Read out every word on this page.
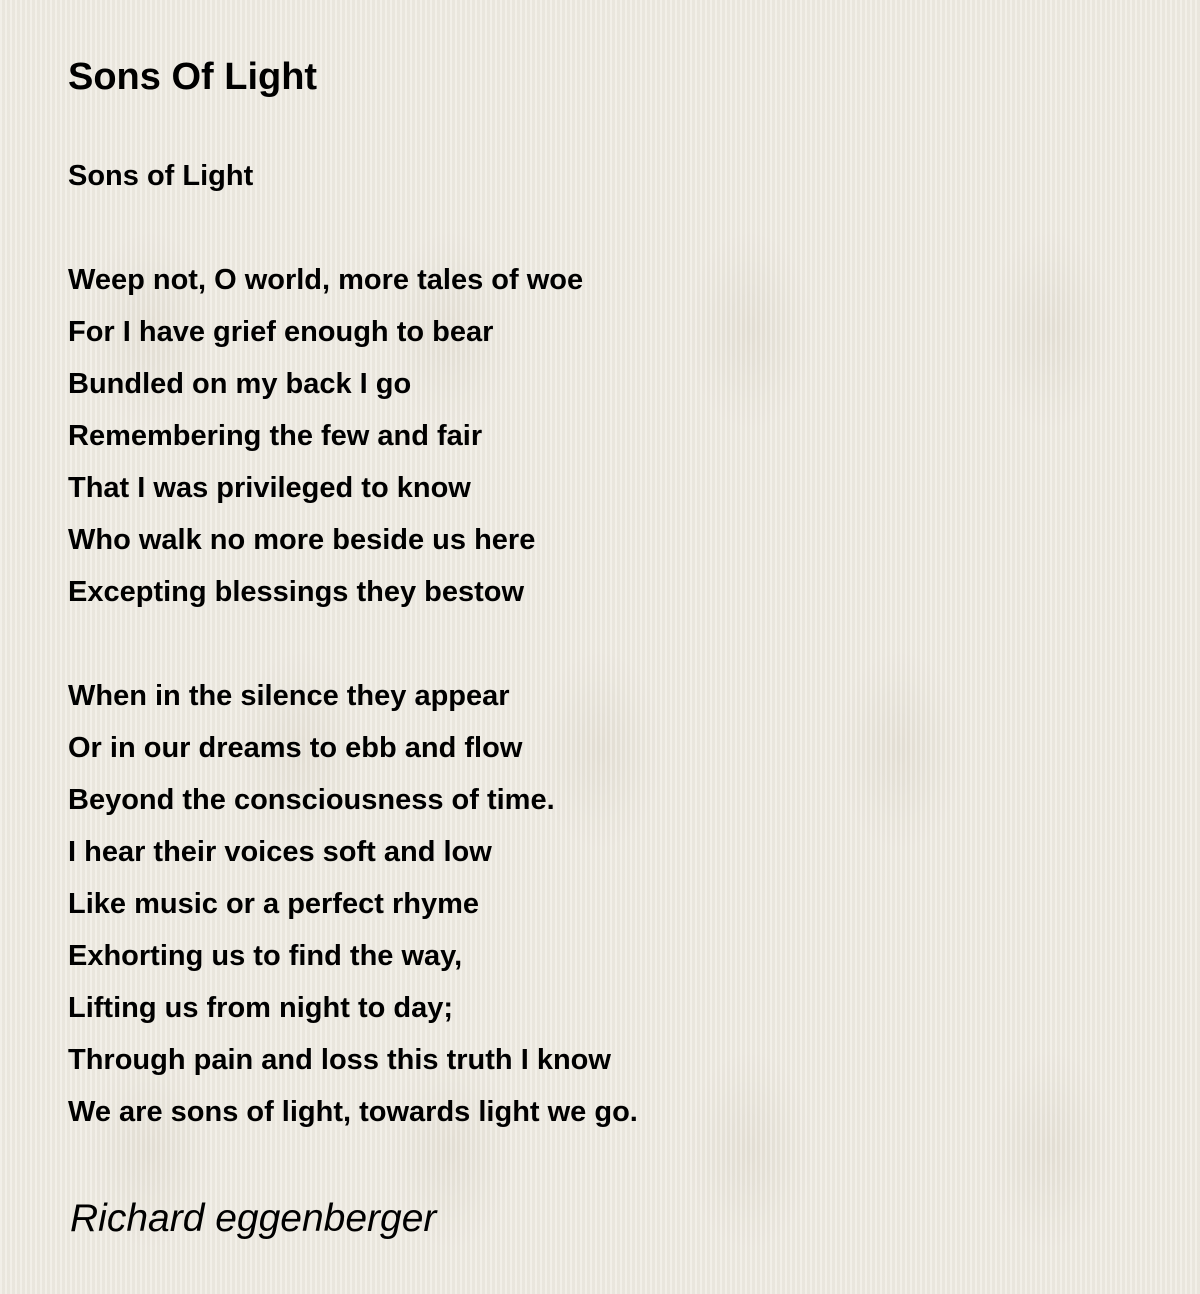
Sons Of Light
Sons of Light
Weep not, O world, more tales of woe
For I have grief enough to bear
Bundled on my back I go
Remembering the few and fair
That I was privileged to know
Who walk no more beside us here
Excepting blessings they bestow
When in the silence they appear
Or in our dreams to ebb and flow
Beyond the consciousness of time.
I hear their voices soft and low
Like music or a perfect rhyme
Exhorting us to find the way,
Lifting us from night to day;
Through pain and loss this truth I know
We are sons of light, towards light we go.
Richard eggenberger
